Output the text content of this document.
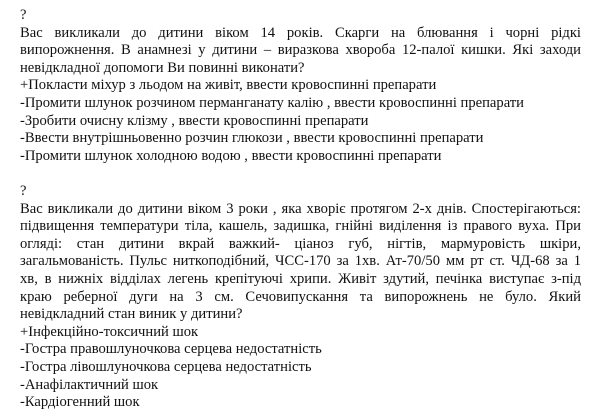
?
Вас викликали до дитини віком 14 років. Скарги на блювання і чорні рідкі
випорожнення. В анамнезі у дитини – виразкова хвороба 12-палої кишки. Які заходи
невідкладної допомоги Ви повинні виконати?
+Покласти міхур з льодом на живіт, ввести кровоспинні препарати
-Промити шлунок розчином перманганату калію , ввести кровоспинні препарати
-Зробити очисну клізму , ввести кровоспинні препарати
-Ввести внутрішньовенно розчин глюкози , ввести кровоспинні препарати
-Промити шлунок холодною водою , ввести кровоспинні препарати
?
Вас викликали до дитини віком 3 роки , яка хворіє протягом 2-х днів. Спостерігаються:
підвищення температури тіла, кашель, задишка, гнійні виділення із правого вуха. При
огляді: стан дитини вкрай важкий- ціаноз губ, нігтів, мармуровість шкіри,
загальмованість. Пульс ниткоподібний, ЧСС-170 за 1хв. Ат-70/50 мм рт ст. ЧД-68 за 1
хв, в нижніх відділах легень крепітуючі хрипи. Живіт здутий, печінка виступає з-під
краю реберної дуги на 3 см. Сечовипускання та випорожнень не було. Який
невідкладний стан виник у дитини?
+Інфекційно-токсичний шок
-Гостра правошлуночкова серцева недостатність
-Гостра лівошлуночкова серцева недостатність
-Анафілактичний шок
-Кардіогенний шок
